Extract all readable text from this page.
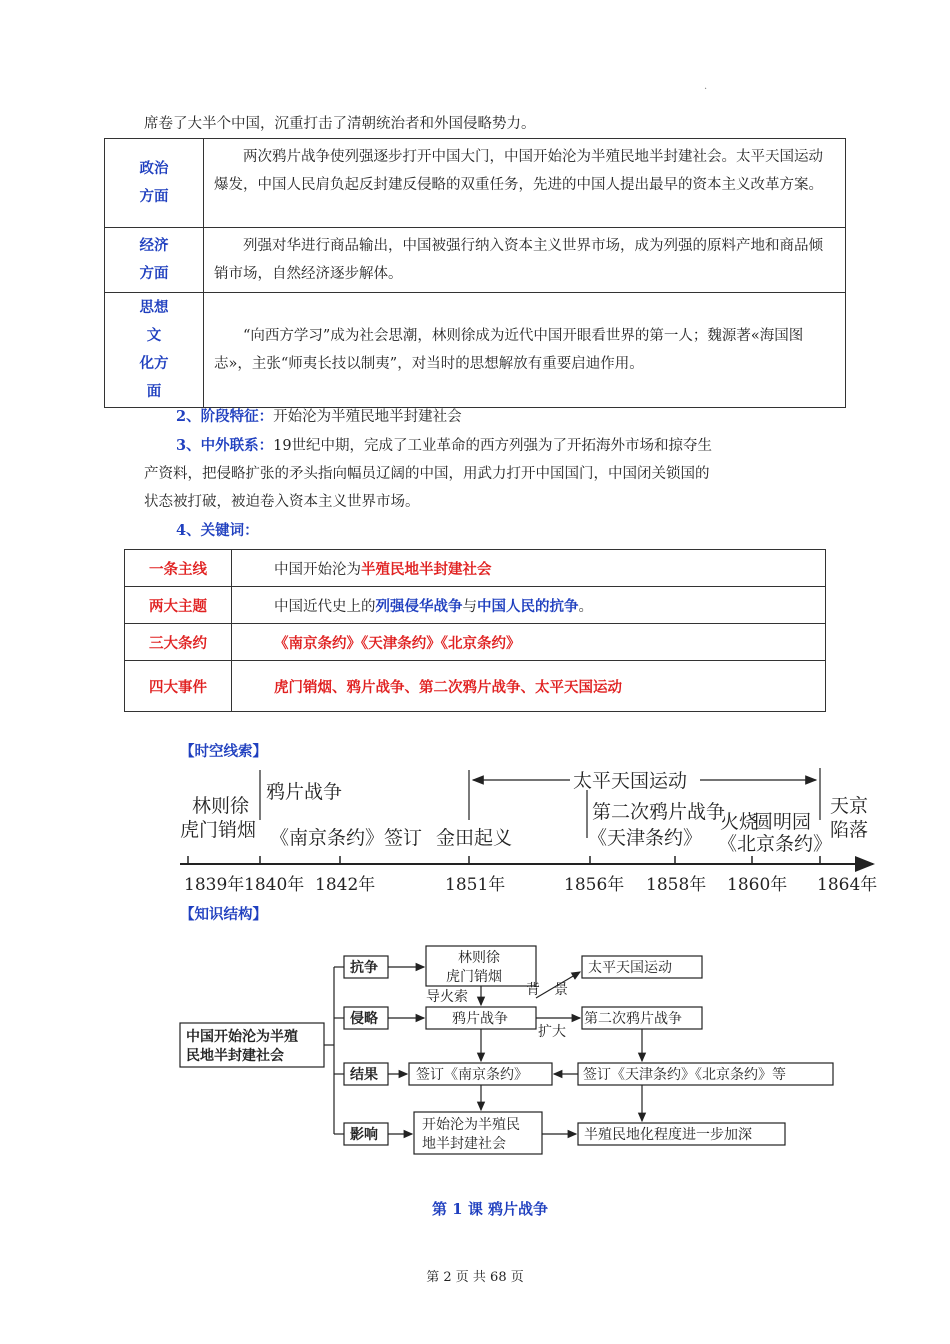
·
席卷了大半个中国，沉重打击了清朝统治者和外国侵略势力。
政治
方面	两次鸦片战争使列强逐步打开中国大门，中国开始沦为半殖民地半封建社会。太平天国运动爆发，中国人民肩负起反封建反侵略的双重任务，先进的中国人提出最早的资本主义改革方案。
经济
方面	列强对华进行商品输出，中国被强行纳入资本主义世界市场，成为列强的原料产地和商品倾销市场，自然经济逐步解体。
思想
文
化方
面	“向西方学习”成为社会思潮，林则徐成为近代中国开眼看世界的第一人；魏源著«海国图志»，主张“师夷长技以制夷”，对当时的思想解放有重要启迪作用。
2、阶段特征：开始沦为半殖民地半封建社会
3、中外联系：19世纪中期，完成了工业革命的西方列强为了开拓海外市场和掠夺生
产资料，把侵略扩张的矛头指向幅员辽阔的中国，用武力打开中国国门，中国闭关锁国的
状态被打破，被迫卷入资本主义世界市场。
4、关键词：
一条主线	中国开始沦为半殖民地半封建社会
两大主题	中国近代史上的列强侵华战争与中国人民的抗争。
三大条约	《南京条约》《天津条约》《北京条约》
四大事件	虎门销烟、鸦片战争、第二次鸦片战争、太平天国运动
【时空线索】
1839年 1840年 1842年	1851年	1856年 1858年 1860年 1864年
林则徐
虎门销烟
鸦片战争
《南京条约》签订 金田起义
太平天国运动
第二次鸦片战争
《天津条约》
火烧
圆明园
《北京条约》
天京
陷落
【知识结构】
中国开始沦为半殖
民地半封建社会
抗争
侵略
结果
影响
林则徐
虎门销烟
导火索
鸦片战争
签订《南京条约》
开始沦为半殖民
地半封建社会
太平天国运动
背　景
扩大
第二次鸦片战争
签订《天津条约》《北京条约》等
半殖民地化程度进一步加深
第 1 课 鸦片战争
第 2 页 共 68 页
